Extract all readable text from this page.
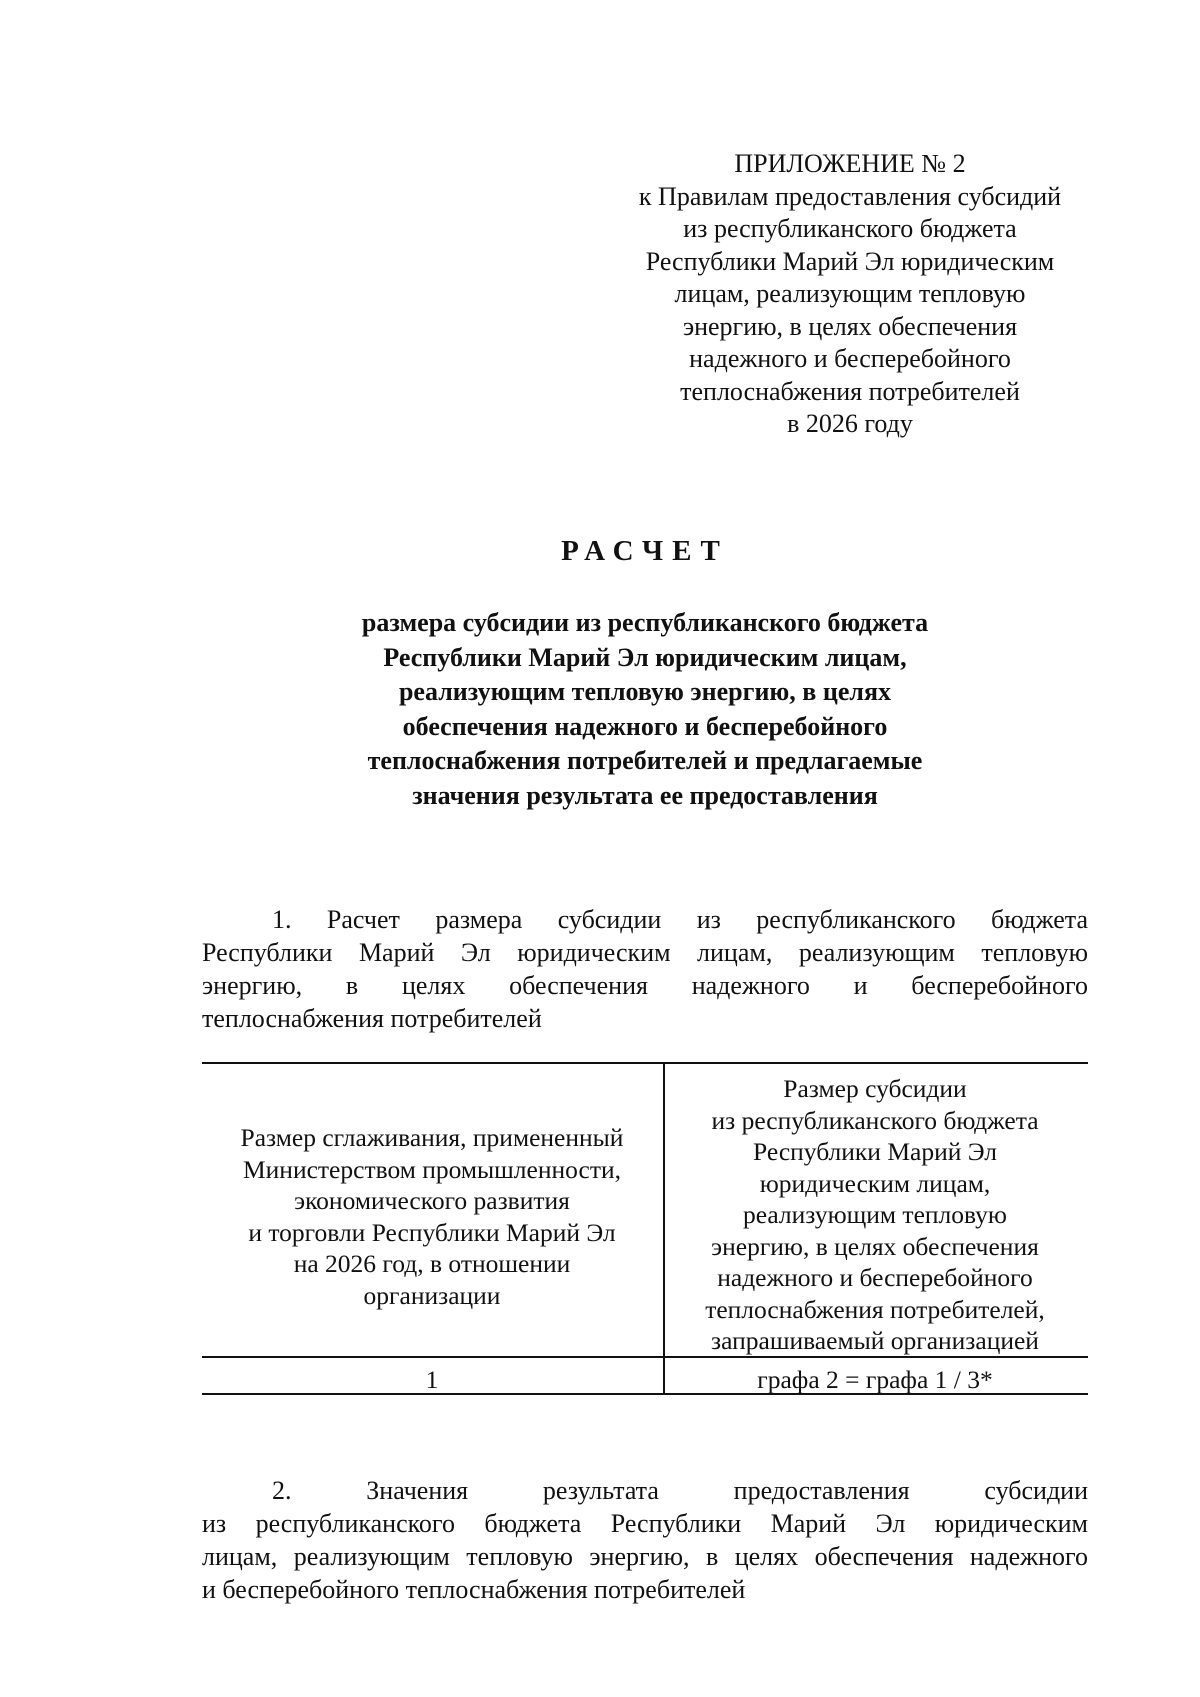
ПРИЛОЖЕНИЕ № 2
к Правилам предоставления субсидий
из республиканского бюджета
Республики Марий Эл юридическим
лицам, реализующим тепловую
энергию, в целях обеспечения
надежного и бесперебойного
теплоснабжения потребителей
в 2026 году
РАСЧЕТ
размера субсидии из республиканского бюджета
Республики Марий Эл юридическим лицам,
реализующим тепловую энергию, в целях
обеспечения надежного и бесперебойного
теплоснабжения потребителей и предлагаемые
значения результата ее предоставления
1. Расчет размера субсидии из республиканского бюджета
Республики Марий Эл юридическим лицам, реализующим тепловую
энергию, в целях обеспечения надежного и бесперебойного
теплоснабжения потребителей
Размер сглаживания, примененный
Министерством промышленности,
экономического развития
и торговли Республики Марий Эл
на 2026 год, в отношении
организации
Размер субсидии
из республиканского бюджета
Республики Марий Эл
юридическим лицам,
реализующим тепловую
энергию, в целях обеспечения
надежного и бесперебойного
теплоснабжения потребителей,
запрашиваемый организацией
1	графа 2 = графа 1 / 3*
2. Значения результата предоставления субсидии
из республиканского бюджета Республики Марий Эл юридическим
лицам, реализующим тепловую энергию, в целях обеспечения надежного
и бесперебойного теплоснабжения потребителей
